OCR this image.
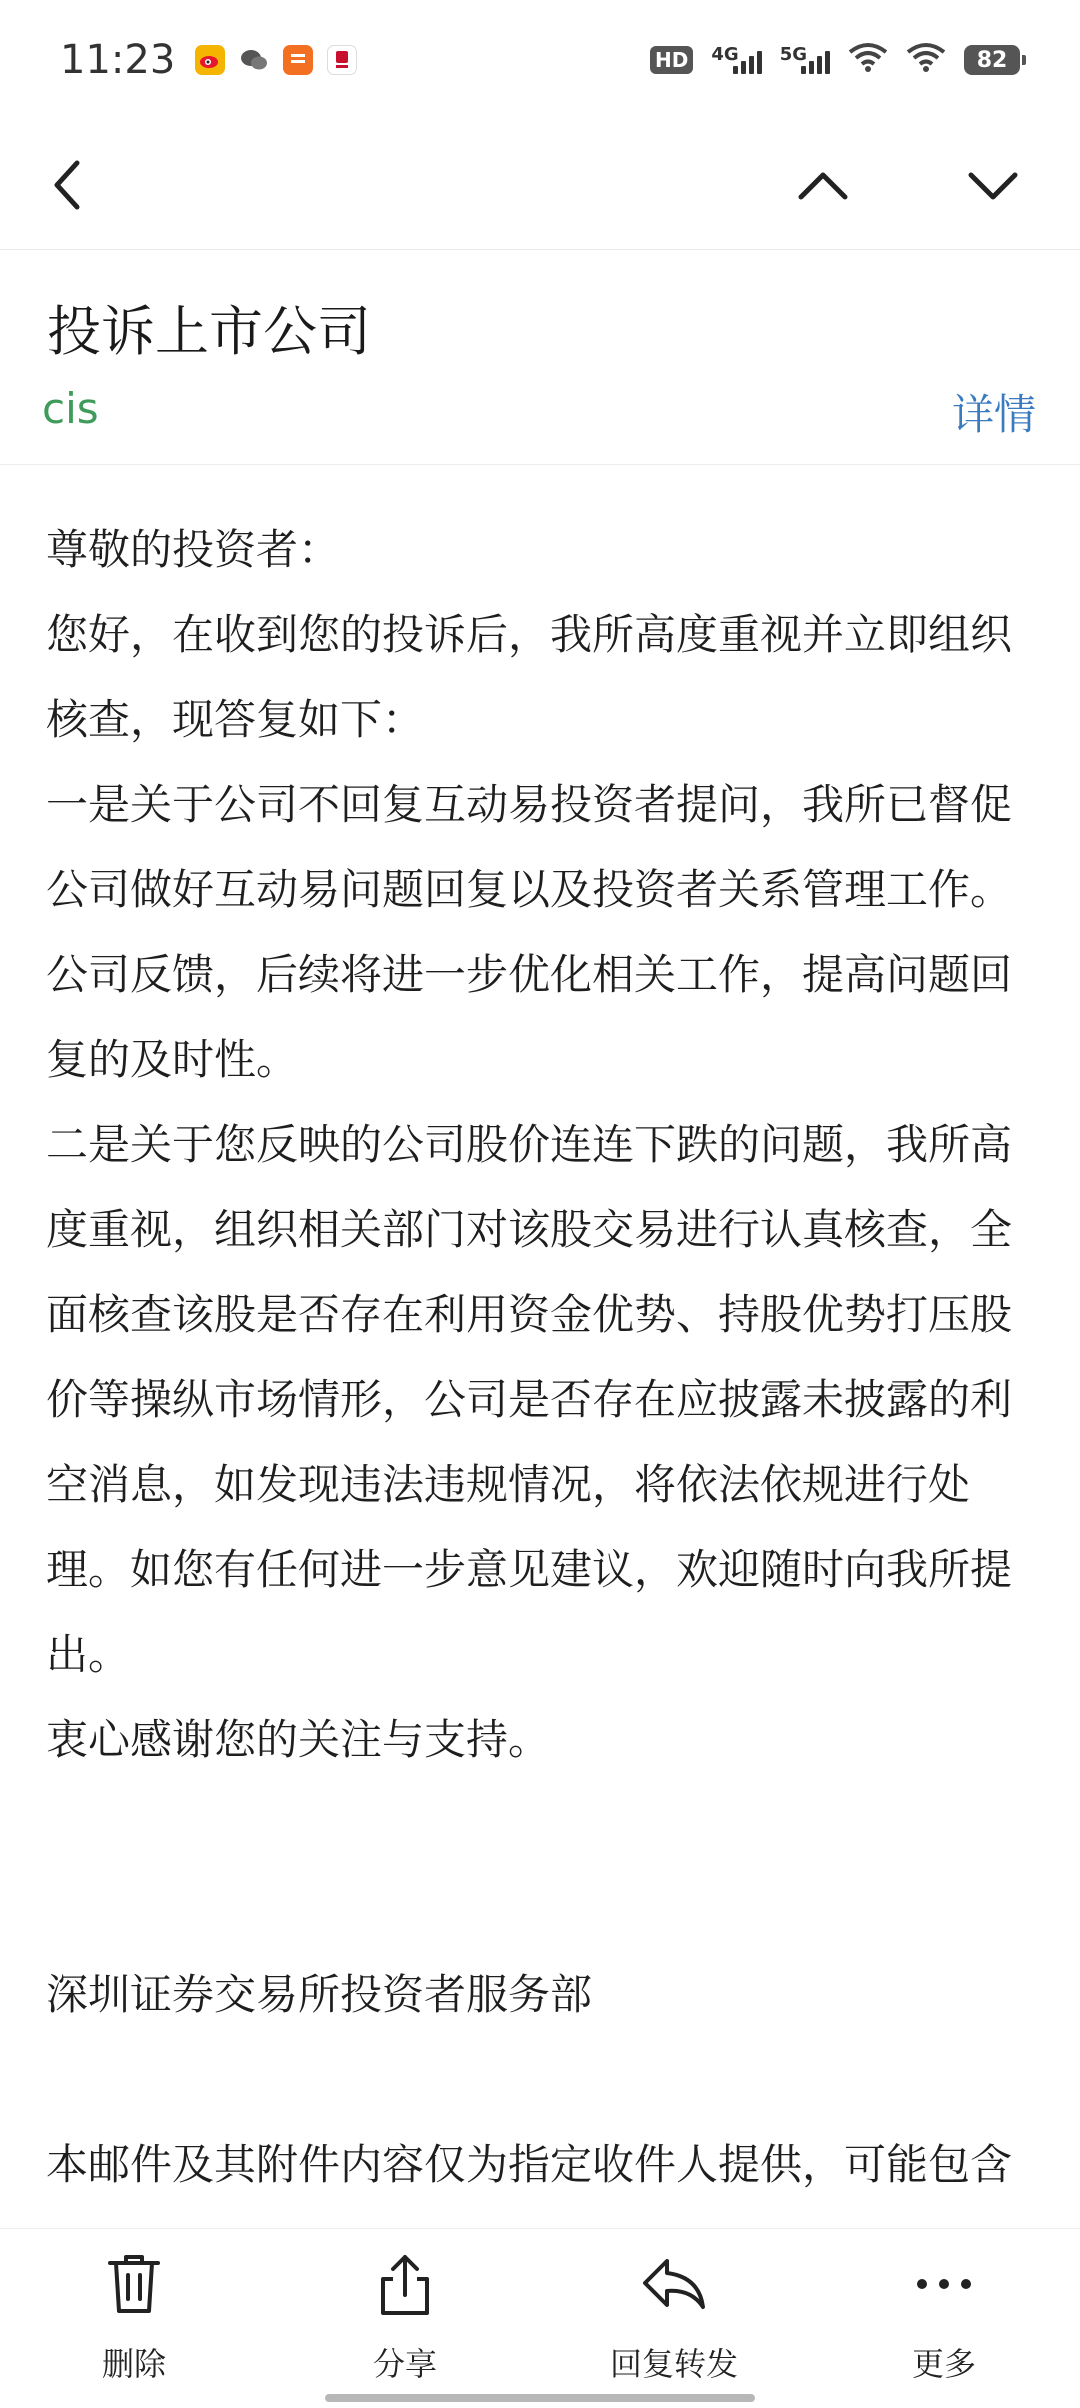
11:23	HD 4G 5G	82
投诉上市公司
cis	详情

尊敬的投资者：

您好，在收到您的投诉后，我所高度重视并立即组织核查，现答复如下：

一是关于公司不回复互动易投资者提问，我所已督促公司做好互动易问题回复以及投资者关系管理工作。公司反馈，后续将进一步优化相关工作，提高问题回复的及时性。

二是关于您反映的公司股价连连下跌的问题，我所高度重视，组织相关部门对该股交易进行认真核查，全面核查该股是否存在利用资金优势、持股优势打压股价等操纵市场情形，公司是否存在应披露未披露的利空消息，如发现违法违规情况，将依法依规进行处理。如您有任何进一步意见建议，欢迎随时向我所提出。

衷心感谢您的关注与支持。

深圳证券交易所投资者服务部

本邮件及其附件内容仅为指定收件人提供，可能包含

删除	分享	回复转发	更多
